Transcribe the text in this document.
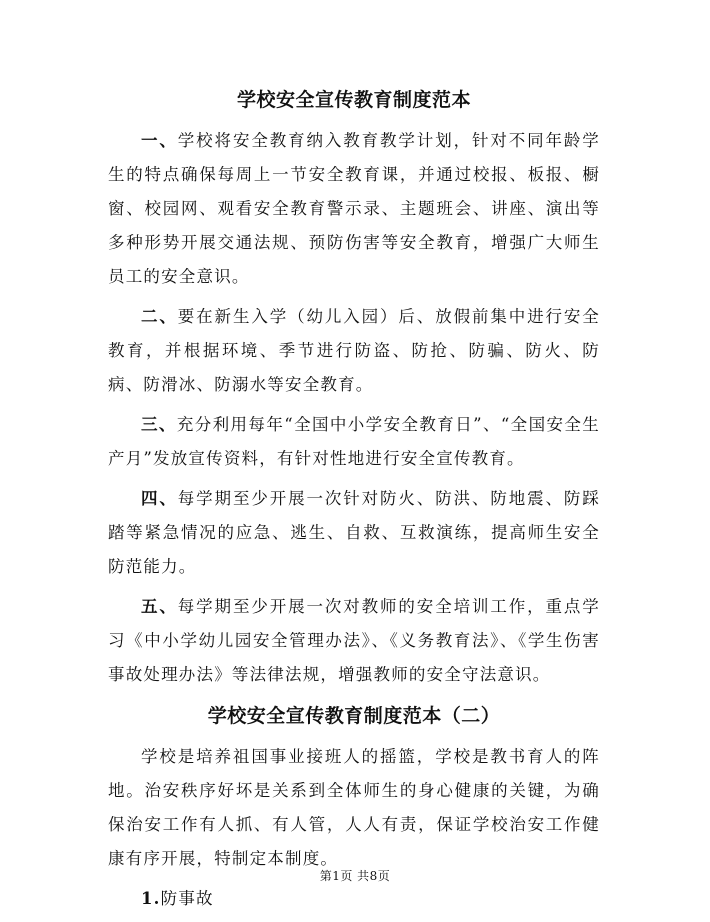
学校安全宣传教育制度范本

一、学校将安全教育纳入教育教学计划，针对不同年龄学生的特点确保每周上一节安全教育课，并通过校报、板报、橱窗、校园网、观看安全教育警示录、主题班会、讲座、演出等多种形势开展交通法规、预防伤害等安全教育，增强广大师生员工的安全意识。

二、要在新生入学（幼儿入园）后、放假前集中进行安全教育，并根据环境、季节进行防盗、防抢、防骗、防火、防病、防滑冰、防溺水等安全教育。

三、充分利用每年“全国中小学安全教育日”、“全国安全生产月”发放宣传资料，有针对性地进行安全宣传教育。

四、每学期至少开展一次针对防火、防洪、防地震、防踩踏等紧急情况的应急、逃生、自救、互救演练，提高师生安全防范能力。

五、每学期至少开展一次对教师的安全培训工作，重点学习《中小学幼儿园安全管理办法》、《义务教育法》、《学生伤害事故处理办法》等法律法规，增强教师的安全守法意识。

学校安全宣传教育制度范本（二）

学校是培养祖国事业接班人的摇篮，学校是教书育人的阵地。治安秩序好坏是关系到全体师生的身心健康的关键，为确保治安工作有人抓、有人管，人人有责，保证学校治安工作健康有序开展，特制定本制度。

1.防事故

第1页 共8页
